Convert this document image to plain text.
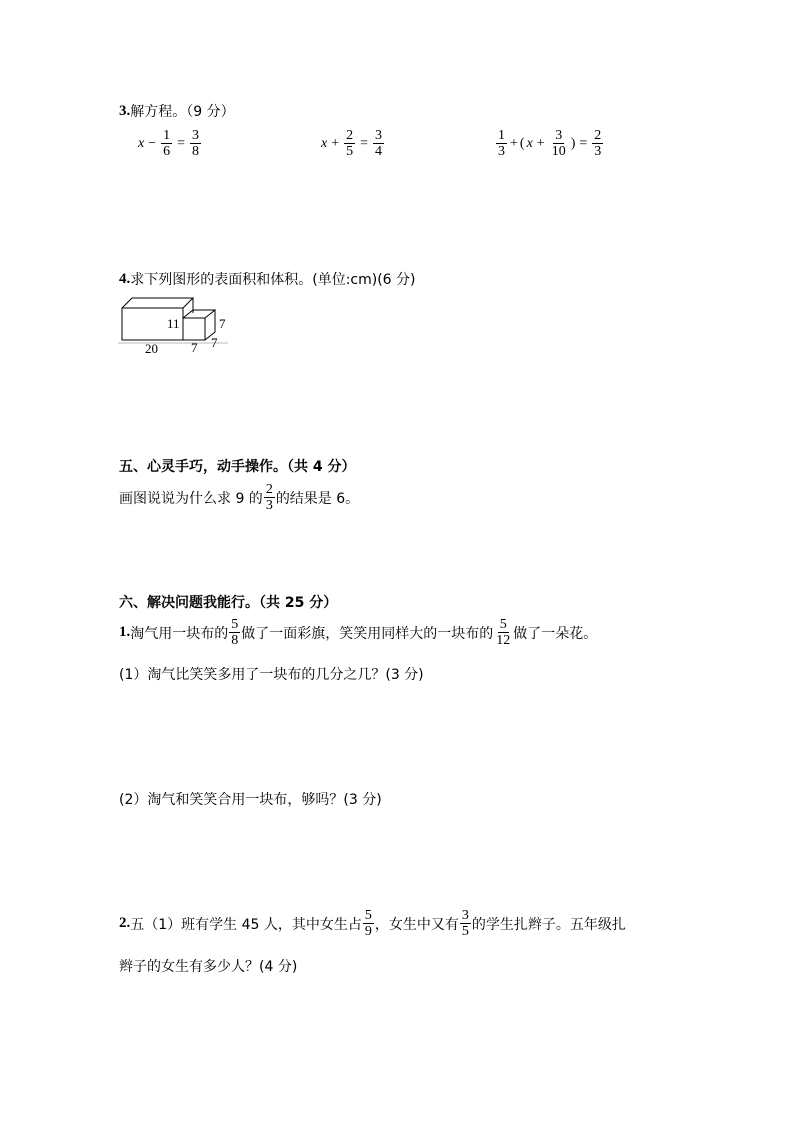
3. 解方程。（9 分）
$x - \frac{1}{6} = \frac{3}{8}$	$x + \frac{2}{5} = \frac{3}{4}$	$\frac{1}{3}$ + ( $x + \frac{3}{10}$ ) = $\frac{2}{3}$
4. 求下列图形的表面积和体积。(单位:cm)(6 分)
11	7
20	7 7
五、心灵手巧，动手操作。（共 4 分）
画图说说为什么求 9 的 $\frac{2}{3}$ 的结果是 6。
六、解决问题我能行。（共 25 分）
1. 淘气用一块布的 $\frac{5}{8}$ 做了一面彩旗，笑笑用同样大的一块布的 $\frac{5}{12}$ 做了一朵花。
(1）淘气比笑笑多用了一块布的几分之几？(3 分)
(2）淘气和笑笑合用一块布，够吗？(3 分)
2. 五（1）班有学生 45 人，其中女生占 $\frac{5}{9}$ ，女生中又有 $\frac{3}{5}$ 的学生扎辫子。五年级扎
辫子的女生有多少人？(4 分)
